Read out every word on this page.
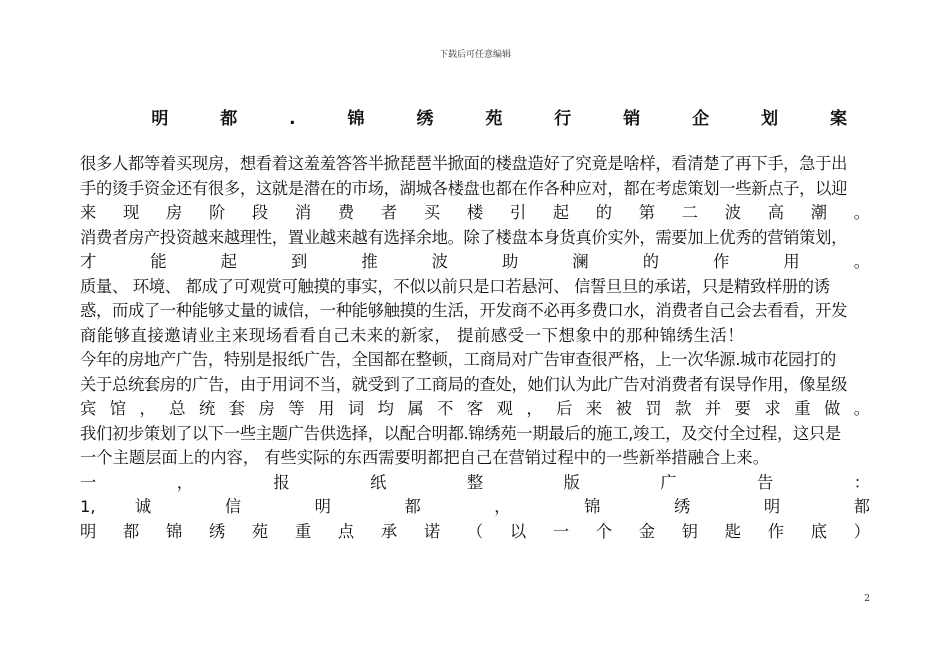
下载后可任意编辑
明 都 . 锦 绣 苑 行 销 企 划 案
很多人都等着买现房，想看着这羞羞答答半掀琵琶半掀面的楼盘造好了究竟是啥样，看清楚了再下手，急于出
手的烫手资金还有很多，这就是潜在的市场，湖城各楼盘也都在作各种应对，都在考虑策划一些新点子，以迎
来 现 房 阶 段 消 费 者 买 楼 引 起 的 第 二 波 高 潮 。
消费者房产投资越来越理性，置业越来越有选择余地。除了楼盘本身货真价实外，需要加上优秀的营销策划，
才 能 起 到 推 波 助 澜 的 作 用 。
质量、 环境、 都成了可观赏可触摸的事实，不似以前只是口若悬河、 信誓旦旦的承诺，只是精致样册的诱
惑，而成了一种能够丈量的诚信，一种能够触摸的生活，开发商不必再多费口水，消费者自己会去看看，开发
商能够直接邀请业主来现场看看自己未来的新家， 提前感受一下想象中的那种锦绣生活！
今年的房地产广告，特别是报纸广告，全国都在整顿，工商局对广告审查很严格，上一次华源.城市花园打的
关于总统套房的广告，由于用词不当，就受到了工商局的查处，她们认为此广告对消费者有误导作用，像星级
宾 馆 ， 总 统 套 房 等 用 词 均 属 不 客 观 ， 后 来 被 罚 款 并 要 求 重 做 。
我们初步策划了以下一些主题广告供选择，以配合明都.锦绣苑一期最后的施工,竣工，及交付全过程，这只是
一个主题层面上的内容， 有些实际的东西需要明都把自己在营销过程中的一些新举措融合上来。
一 ， 报 纸 整 版 广 告 ：
1, 诚 信 明 都 ， 锦 绣 明 都
明 都 锦 绣 苑 重 点 承 诺 （ 以 一 个 金 钥 匙 作 底 ）
2
